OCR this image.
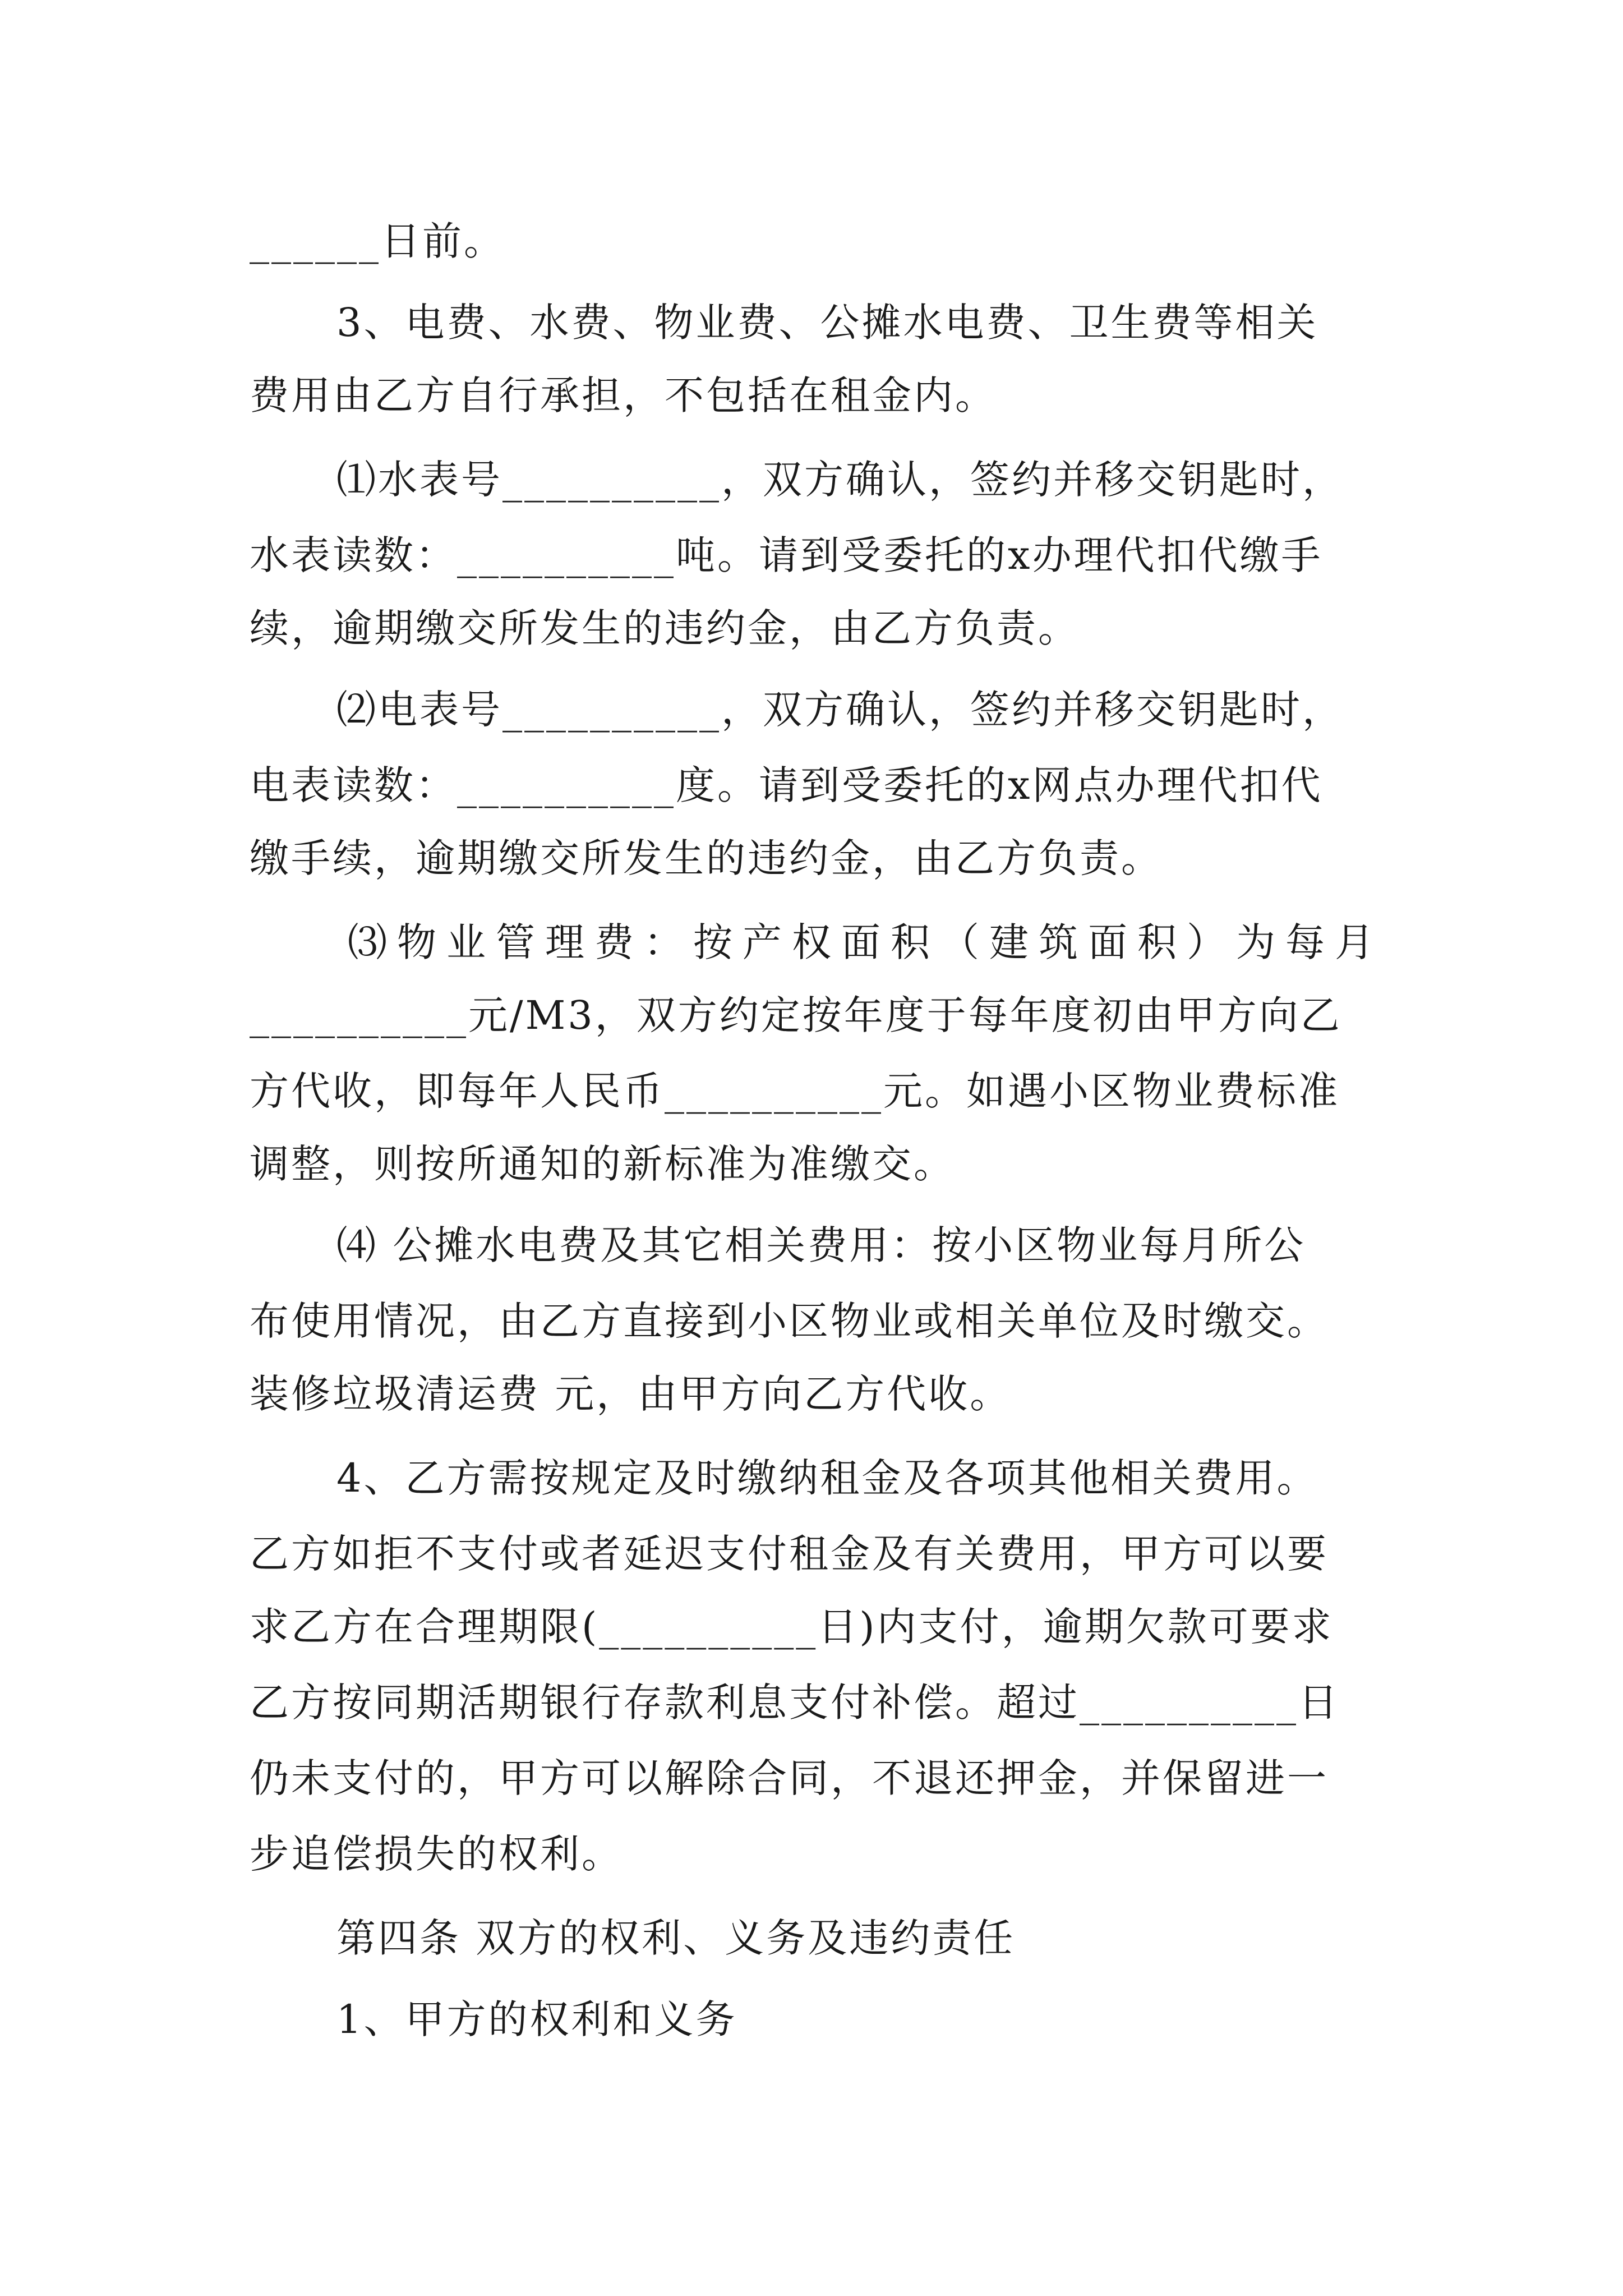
______日前。
3、电费、水费、物业费、公摊水电费、卫生费等相关
费用由乙方自行承担，不包括在租金内。
⑴水表号__________，双方确认，签约并移交钥匙时，
水表读数：__________吨。请到受委托的x办理代扣代缴手
续，逾期缴交所发生的违约金，由乙方负责。
⑵电表号__________，双方确认，签约并移交钥匙时，
电表读数：__________度。请到受委托的x网点办理代扣代
缴手续，逾期缴交所发生的违约金，由乙方负责。
⑶物业管理费：按产权面积（建筑面积）为每月
__________元/M3，双方约定按年度于每年度初由甲方向乙
方代收，即每年人民币__________元。如遇小区物业费标准
调整，则按所通知的新标准为准缴交。
⑷ 公摊水电费及其它相关费用：按小区物业每月所公
布使用情况，由乙方直接到小区物业或相关单位及时缴交。
装修垃圾清运费 元，由甲方向乙方代收。
4、乙方需按规定及时缴纳租金及各项其他相关费用。
乙方如拒不支付或者延迟支付租金及有关费用，甲方可以要
求乙方在合理期限(__________日)内支付，逾期欠款可要求
乙方按同期活期银行存款利息支付补偿。超过__________日
仍未支付的，甲方可以解除合同，不退还押金，并保留进一
步追偿损失的权利。
第四条 双方的权利、义务及违约责任
1、甲方的权利和义务
